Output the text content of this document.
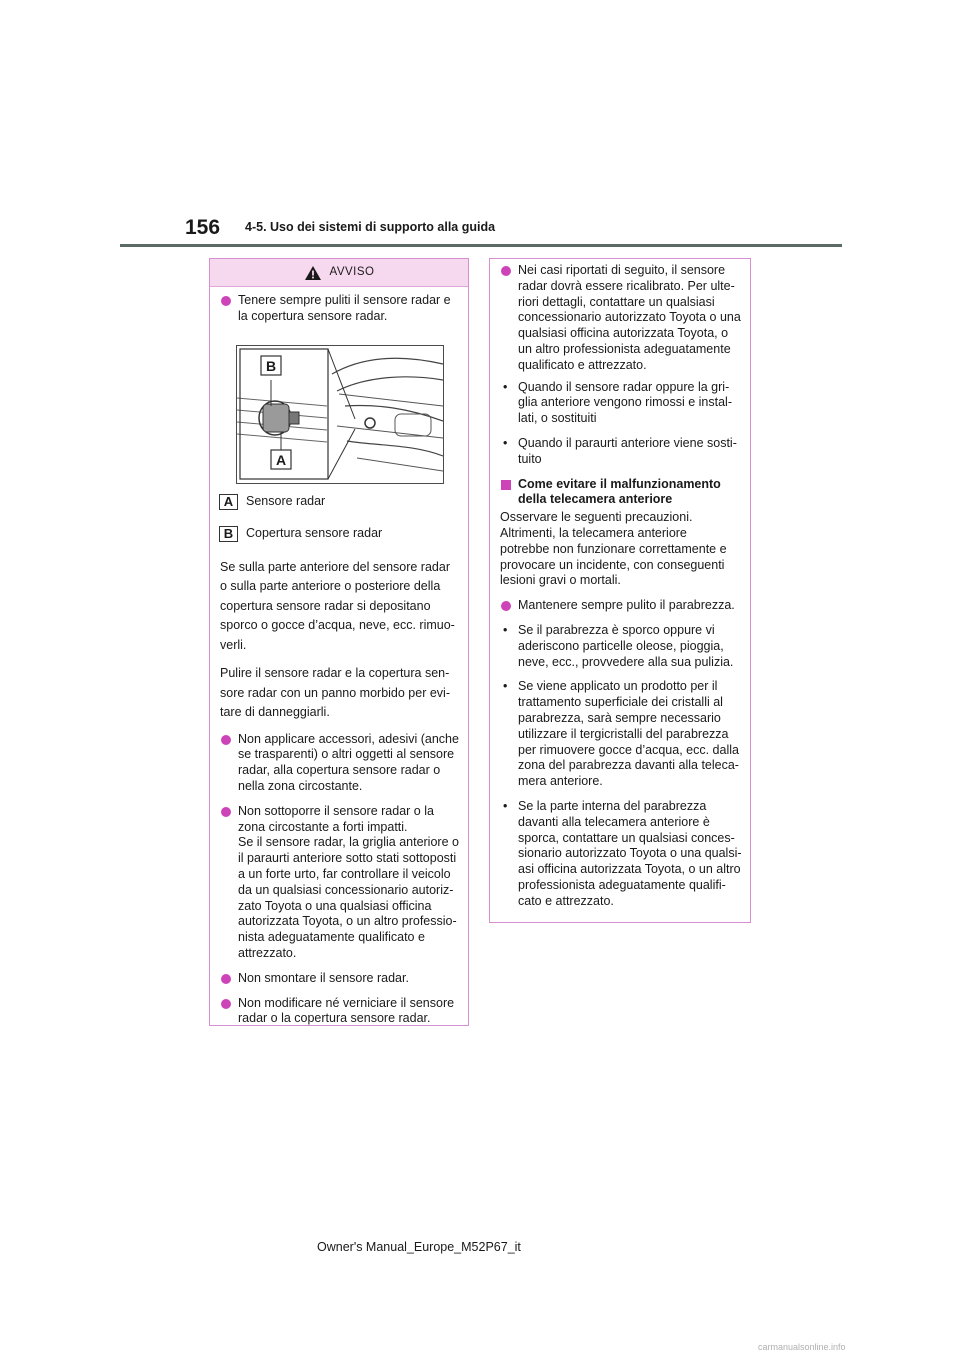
156 4-5. Uso dei sistemi di supporto alla guida
AVVISO
Tenere sempre puliti il sensore radar e
la copertura sensore radar.
B
A
A	Sensore radar
B	Copertura sensore radar
Se sulla parte anteriore del sensore radar
o sulla parte anteriore o posteriore della
copertura sensore radar si depositano
sporco o gocce d’acqua, neve, ecc. rimuo-
verli.
Pulire il sensore radar e la copertura sen-
sore radar con un panno morbido per evi-
tare di danneggiarli.
Non applicare accessori, adesivi (anche
se trasparenti) o altri oggetti al sensore
radar, alla copertura sensore radar o
nella zona circostante.
Non sottoporre il sensore radar o la
zona circostante a forti impatti.
Se il sensore radar, la griglia anteriore o
il paraurti anteriore sotto stati sottoposti
a un forte urto, far controllare il veicolo
da un qualsiasi concessionario autoriz-
zato Toyota o una qualsiasi officina
autorizzata Toyota, o un altro professio-
nista adeguatamente qualificato e
attrezzato.
Non smontare il sensore radar.
Non modificare né verniciare il sensore
radar o la copertura sensore radar.
Nei casi riportati di seguito, il sensore
radar dovrà essere ricalibrato. Per ulte-
riori dettagli, contattare un qualsiasi
concessionario autorizzato Toyota o una
qualsiasi officina autorizzata Toyota, o
un altro professionista adeguatamente
qualificato e attrezzato.
• Quando il sensore radar oppure la gri-
glia anteriore vengono rimossi e instal-
lati, o sostituiti
• Quando il paraurti anteriore viene sosti-
tuito
Come evitare il malfunzionamento
della telecamera anteriore
Osservare le seguenti precauzioni.
Altrimenti, la telecamera anteriore
potrebbe non funzionare correttamente e
provocare un incidente, con conseguenti
lesioni gravi o mortali.
Mantenere sempre pulito il parabrezza.
• Se il parabrezza è sporco oppure vi
aderiscono particelle oleose, pioggia,
neve, ecc., provvedere alla sua pulizia.
• Se viene applicato un prodotto per il
trattamento superficiale dei cristalli al
parabrezza, sarà sempre necessario
utilizzare il tergicristalli del parabrezza
per rimuovere gocce d’acqua, ecc. dalla
zona del parabrezza davanti alla teleca-
mera anteriore.
• Se la parte interna del parabrezza
davanti alla telecamera anteriore è
sporca, contattare un qualsiasi conces-
sionario autorizzato Toyota o una qualsi-
asi officina autorizzata Toyota, o un altro
professionista adeguatamente qualifi-
cato e attrezzato.
Owner's Manual_Europe_M52P67_it
carmanualsonline.info
